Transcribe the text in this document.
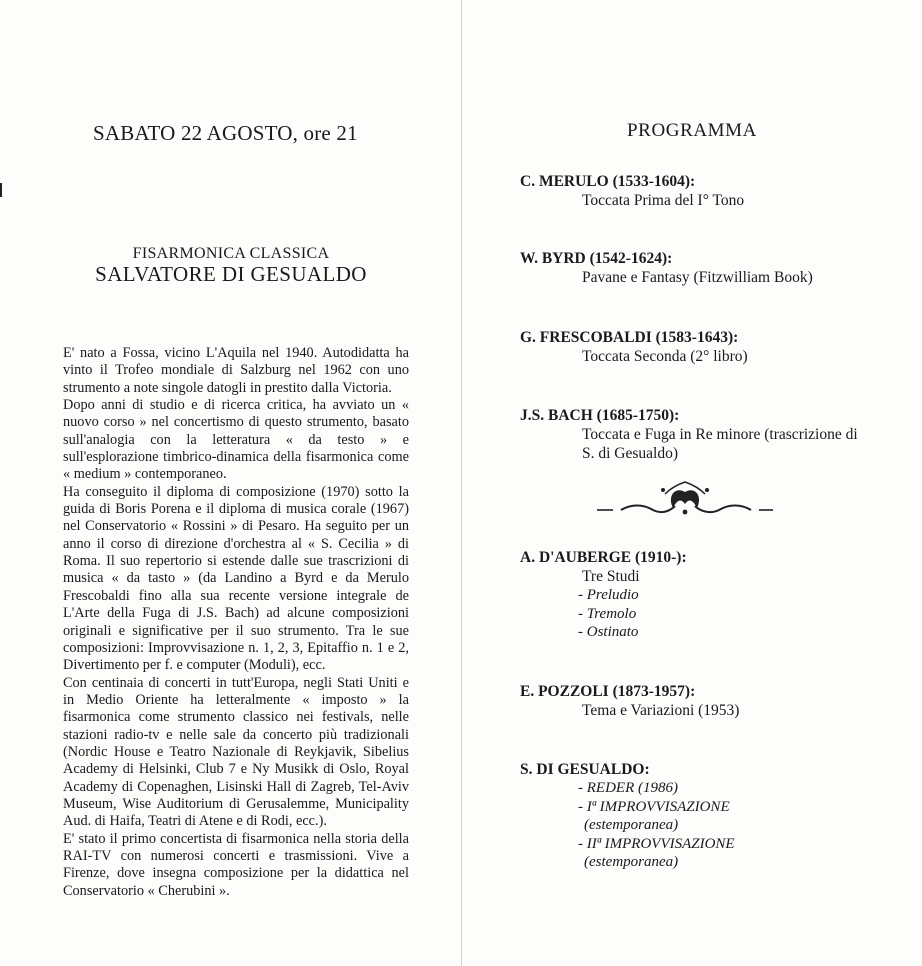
SABATO 22 AGOSTO, ore 21
FISARMONICA CLASSICA
SALVATORE DI GESUALDO

E' nato a Fossa, vicino L'Aquila nel 1940. Autodidatta ha vinto il Trofeo mondiale di Salzburg nel 1962 con uno strumento a note singole datogli in prestito dalla Victoria.

Dopo anni di studio e di ricerca critica, ha avviato un « nuovo corso » nel concertismo di questo strumento, basato sull'analogia con la letteratura « da testo » e sull'esplorazione timbrico-dinamica della fisarmonica come « medium » contemporaneo.

Ha conseguito il diploma di composizione (1970) sotto la guida di Boris Porena e il diploma di musica corale (1967) nel Conservatorio « Rossini » di Pesaro. Ha seguito per un anno il corso di direzione d'orchestra al « S. Cecilia » di Roma. Il suo repertorio si estende dalle sue trascrizioni di musica « da tasto » (da Landino a Byrd e da Merulo Frescobaldi fino alla sua recente versione integrale de L'Arte della Fuga di J.S. Bach) ad alcune composizioni originali e significative per il suo strumento. Tra le sue composizioni: Improvvisazione n. 1, 2, 3, Epitaffio n. 1 e 2, Divertimento per f. e computer (Moduli), ecc.

Con centinaia di concerti in tutt'Europa, negli Stati Uniti e in Medio Oriente ha letteralmente « imposto » la fisarmonica come strumento classico nei festivals, nelle stazioni radio-tv e nelle sale da concerto più tradizionali (Nordic House e Teatro Nazionale di Reykjavik, Sibelius Academy di Helsinki, Club 7 e Ny Musikk di Oslo, Royal Academy di Copenaghen, Lisinski Hall di Zagreb, Tel-Aviv Museum, Wise Auditorium di Gerusalemme, Municipality Aud. di Haifa, Teatri di Atene e di Rodi, ecc.).

E' stato il primo concertista di fisarmonica nella storia della RAI-TV con numerosi concerti e trasmissioni. Vive a Firenze, dove insegna composizione per la didattica nel Conservatorio « Cherubini ».

PROGRAMMA
C. MERULO (1533-1604):
Toccata Prima del I° Tono
W. BYRD (1542-1624):
Pavane e Fantasy (Fitzwilliam Book)
G. FRESCOBALDI (1583-1643):
Toccata Seconda (2° libro)
J.S. BACH (1685-1750):
Toccata e Fuga in Re minore (trascrizione di S. di Gesualdo)
A. D'AUBERGE (1910-):
Tre Studi
- Preludio
- Tremolo
- Ostinato
E. POZZOLI (1873-1957):
Tema e Variazioni (1953)
S. DI GESUALDO:
- REDER (1986)
- Iª IMPROVVISAZIONE
(estemporanea)
- IIª IMPROVVISAZIONE
(estemporanea)
